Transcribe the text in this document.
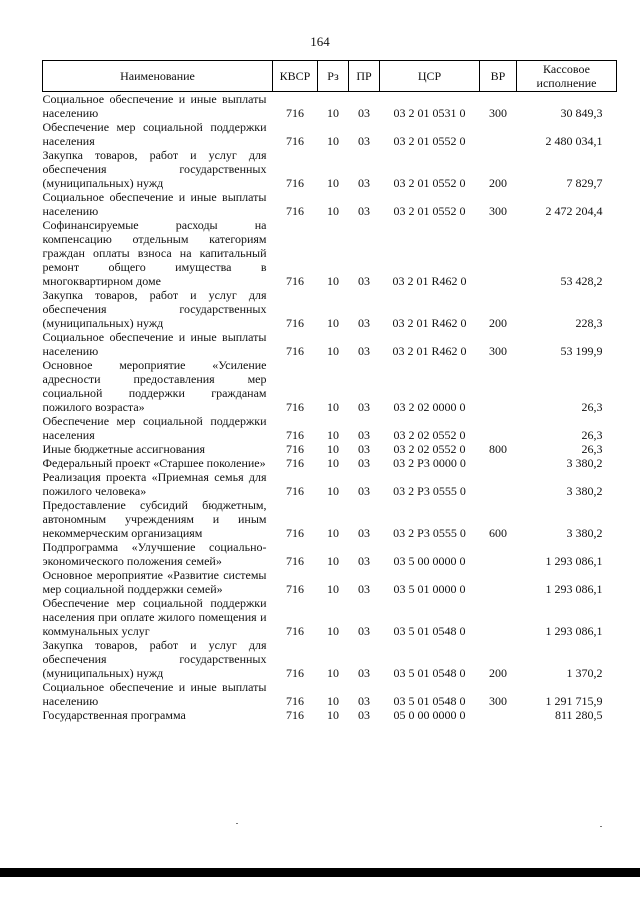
164
Наименование	КВСР	Рз	ПР	ЦСР	ВР	Кассовое исполнение
Социальное обеспечение и иные выплаты населению	716	10	03	03 2 01 0531 0	300	30 849,3
Обеспечение мер социальной поддержки населения	716	10	03	03 2 01 0552 0		2 480 034,1
Закупка товаров, работ и услуг для обеспечения государственных (муниципальных) нужд	716	10	03	03 2 01 0552 0	200	7 829,7
Социальное обеспечение и иные выплаты населению	716	10	03	03 2 01 0552 0	300	2 472 204,4
Софинансируемые расходы на компенсацию отдельным категориям граждан оплаты взноса на капитальный ремонт общего имущества в многоквартирном доме	716	10	03	03 2 01 R462 0		53 428,2
Закупка товаров, работ и услуг для обеспечения государственных (муниципальных) нужд	716	10	03	03 2 01 R462 0	200	228,3
Социальное обеспечение и иные выплаты населению	716	10	03	03 2 01 R462 0	300	53 199,9
Основное мероприятие «Усиление адресности предоставления мер социальной поддержки гражданам пожилого возраста»	716	10	03	03 2 02 0000 0		26,3
Обеспечение мер социальной поддержки населения	716	10	03	03 2 02 0552 0		26,3
Иные бюджетные ассигнования	716	10	03	03 2 02 0552 0	800	26,3
Федеральный проект «Старшее поколение»	716	10	03	03 2 P3 0000 0		3 380,2
Реализация проекта «Приемная семья для пожилого человека»	716	10	03	03 2 P3 0555 0		3 380,2
Предоставление субсидий бюджетным, автономным учреждениям и иным некоммерческим организациям	716	10	03	03 2 P3 0555 0	600	3 380,2
Подпрограмма «Улучшение социально-экономического положения семей»	716	10	03	03 5 00 0000 0		1 293 086,1
Основное мероприятие «Развитие системы мер социальной поддержки семей»	716	10	03	03 5 01 0000 0		1 293 086,1
Обеспечение мер социальной поддержки населения при оплате жилого помещения и коммунальных услуг	716	10	03	03 5 01 0548 0		1 293 086,1
Закупка товаров, работ и услуг для обеспечения государственных (муниципальных) нужд	716	10	03	03 5 01 0548 0	200	1 370,2
Социальное обеспечение и иные выплаты населению	716	10	03	03 5 01 0548 0	300	1 291 715,9
Государственная программа	716	10	03	05 0 00 0000 0		811 280,5
